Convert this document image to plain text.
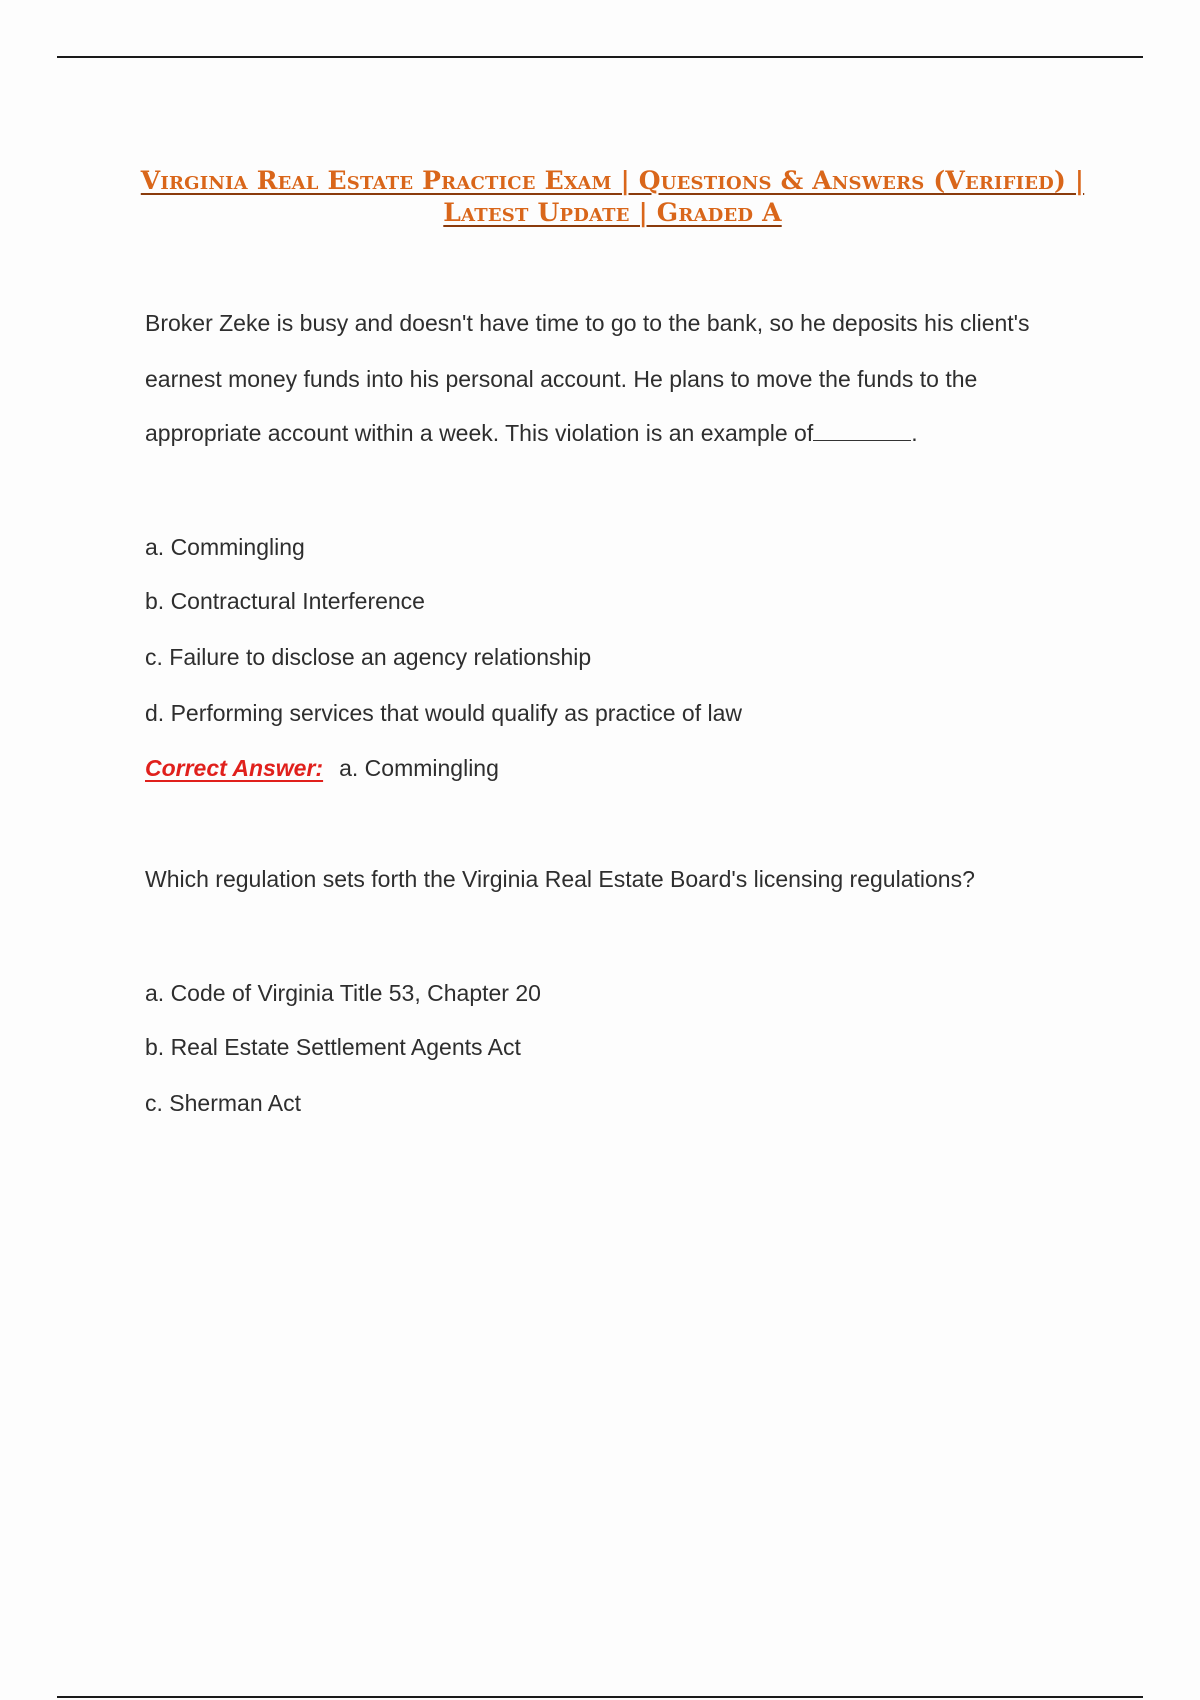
Virginia Real Estate Practice Exam | Questions & Answers (Verified) |
Latest Update | Graded A
Broker Zeke is busy and doesn't have time to go to the bank, so he deposits his client's
earnest money funds into his personal account. He plans to move the funds to the
appropriate account within a week. This violation is an example of	.
a. Commingling
b. Contractural Interference
c. Failure to disclose an agency relationship
d. Performing services that would qualify as practice of law
Correct Answer: a. Commingling
Which regulation sets forth the Virginia Real Estate Board's licensing regulations?
a. Code of Virginia Title 53, Chapter 20
b. Real Estate Settlement Agents Act
c. Sherman Act
